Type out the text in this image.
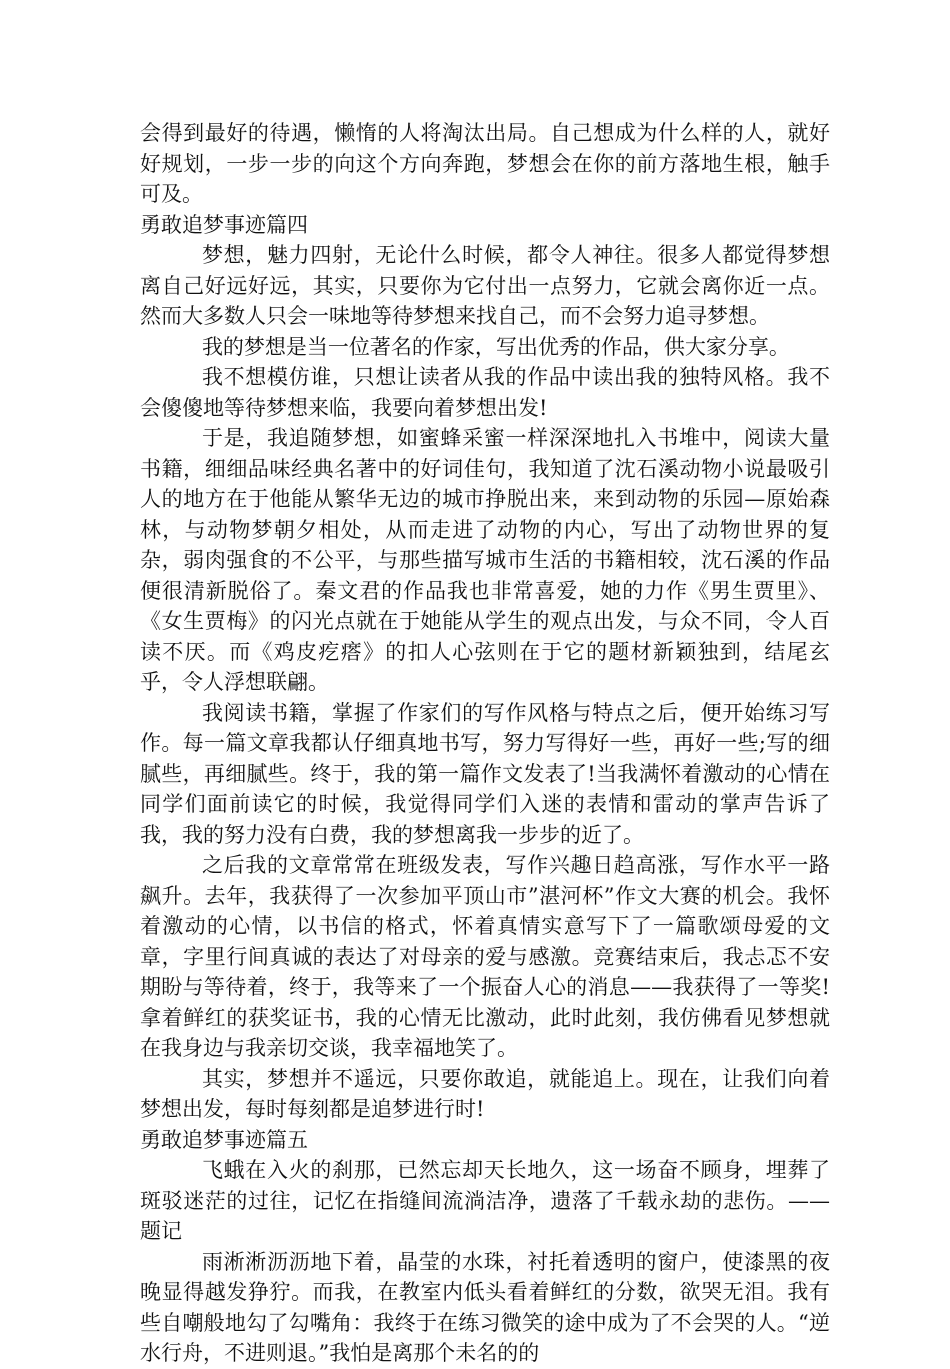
会得到最好的待遇，懒惰的人将淘汰出局。自己想成为什么样的人，就好好规划，一步一步的向这个方向奔跑，梦想会在你的前方落地生根，触手可及。

勇敢追梦事迹篇四

梦想，魅力四射，无论什么时候，都令人神往。很多人都觉得梦想离自己好远好远，其实，只要你为它付出一点努力，它就会离你近一点。然而大多数人只会一味地等待梦想来找自己，而不会努力追寻梦想。

我的梦想是当一位著名的作家，写出优秀的作品，供大家分享。

我不想模仿谁，只想让读者从我的作品中读出我的独特风格。我不会傻傻地等待梦想来临，我要向着梦想出发!

于是，我追随梦想，如蜜蜂采蜜一样深深地扎入书堆中，阅读大量书籍，细细品味经典名著中的好词佳句，我知道了沈石溪动物小说最吸引人的地方在于他能从繁华无边的城市挣脱出来，来到动物的乐园—原始森林，与动物梦朝夕相处，从而走进了动物的内心，写出了动物世界的复杂，弱肉强食的不公平，与那些描写城市生活的书籍相较，沈石溪的作品便很清新脱俗了。秦文君的作品我也非常喜爱，她的力作《男生贾里》、《女生贾梅》的闪光点就在于她能从学生的观点出发，与众不同，令人百读不厌。而《鸡皮疙瘩》的扣人心弦则在于它的题材新颖独到，结尾玄乎，令人浮想联翩。

我阅读书籍，掌握了作家们的写作风格与特点之后，便开始练习写作。每一篇文章我都认仔细真地书写，努力写得好一些，再好一些;写的细腻些，再细腻些。终于，我的第一篇作文发表了!当我满怀着激动的心情在同学们面前读它的时候，我觉得同学们入迷的表情和雷动的掌声告诉了我，我的努力没有白费，我的梦想离我一步步的近了。

之后我的文章常常在班级发表，写作兴趣日趋高涨，写作水平一路飙升。去年，我获得了一次参加平顶山市”湛河杯”作文大赛的机会。我怀着激动的心情，以书信的格式，怀着真情实意写下了一篇歌颂母爱的文章，字里行间真诚的表达了对母亲的爱与感激。竞赛结束后，我忐忑不安期盼与等待着，终于，我等来了一个振奋人心的消息——我获得了一等奖!拿着鲜红的获奖证书，我的心情无比激动，此时此刻，我仿佛看见梦想就在我身边与我亲切交谈，我幸福地笑了。

其实，梦想并不遥远，只要你敢追，就能追上。现在，让我们向着梦想出发，每时每刻都是追梦进行时!

勇敢追梦事迹篇五

飞蛾在入火的刹那，已然忘却天长地久，这一场奋不顾身，埋葬了斑驳迷茫的过往，记忆在指缝间流淌洁净，遗落了千载永劫的悲伤。——题记

雨淅淅沥沥地下着，晶莹的水珠，衬托着透明的窗户，使漆黑的夜晚显得越发狰狞。而我，在教室内低头看着鲜红的分数，欲哭无泪。我有些自嘲般地勾了勾嘴角：我终于在练习微笑的途中成为了不会哭的人。“逆水行舟，不进则退。”我怕是离那个未名的的
